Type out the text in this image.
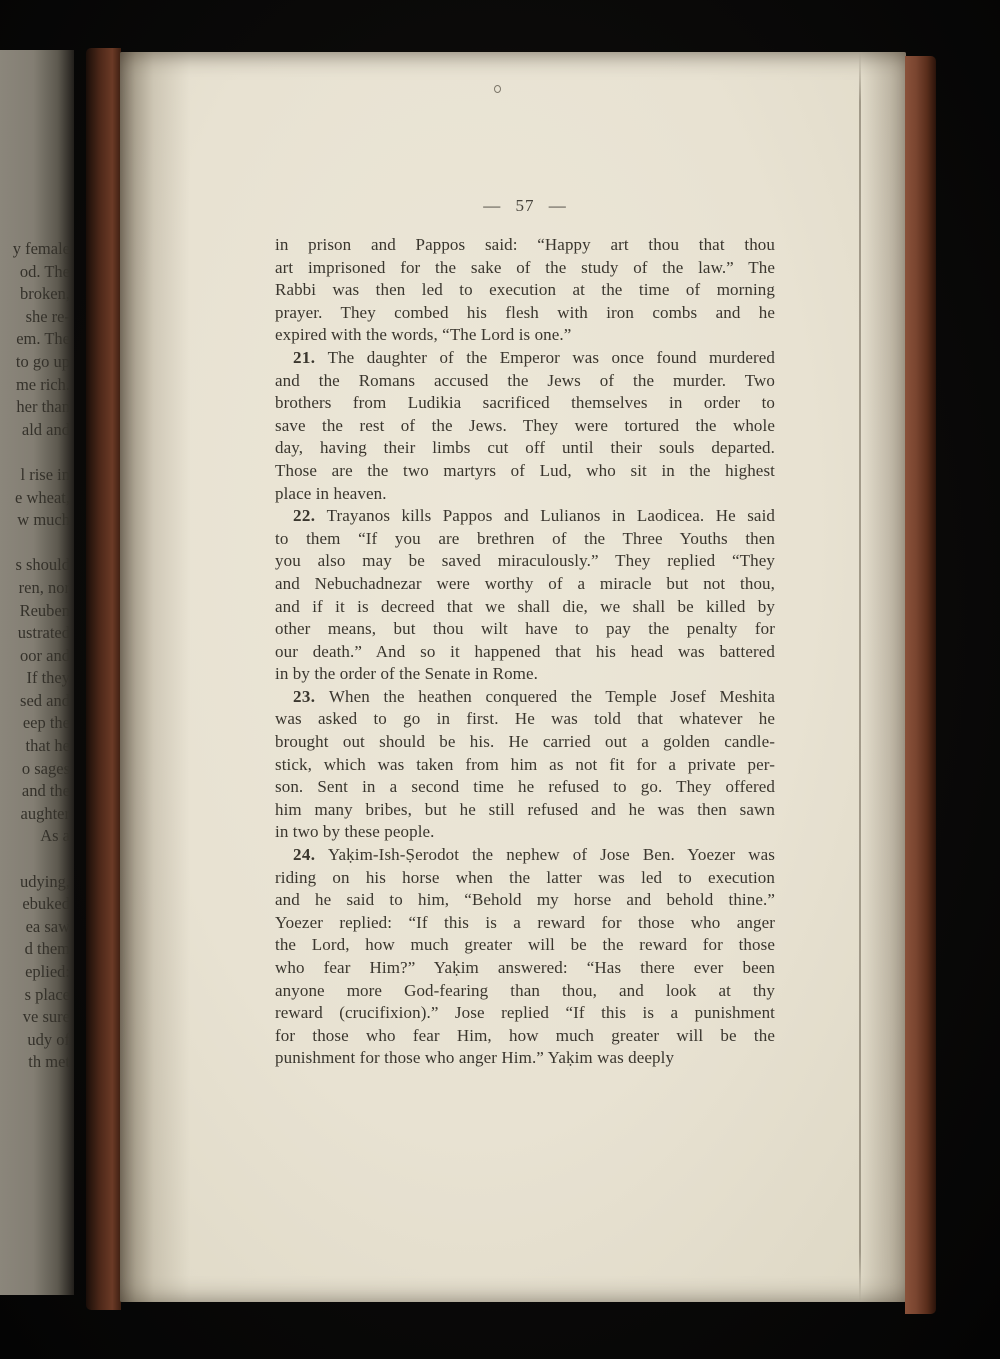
y female
od. The
broken,
she re-
em. The
to go up
me rich.
her than
ald and
l rise in
e wheat,
w much
s should
ren, nor
Reuben
ustrated
oor and
If they
sed and
eep the
that he
o sages
and the
aughter
As a
udying,
ebuked
ea saw
d them
eplied:
s place
ve sure
udy of
th met
— 57 —
in prison and Pappos said: “Happy art thou that thou
art imprisoned for the sake of the study of the law.” The
Rabbi was then led to execution at the time of morning
prayer. They combed his flesh with iron combs and he
expired with the words, “The Lord is one.”
21. The daughter of the Emperor was once found murdered
and the Romans accused the Jews of the murder. Two
brothers from Ludikia sacrificed themselves in order to
save the rest of the Jews. They were tortured the whole
day, having their limbs cut off until their souls departed.
Those are the two martyrs of Lud, who sit in the highest
place in heaven.
22. Trayanos kills Pappos and Lulianos in Laodicea. He said
to them “If you are brethren of the Three Youths then
you also may be saved miraculously.” They replied “They
and Nebuchadnezar were worthy of a miracle but not thou,
and if it is decreed that we shall die, we shall be killed by
other means, but thou wilt have to pay the penalty for
our death.” And so it happened that his head was battered
in by the order of the Senate in Rome.
23. When the heathen conquered the Temple Josef Meshita
was asked to go in first. He was told that whatever he
brought out should be his. He carried out a golden candle-
stick, which was taken from him as not fit for a private per-
son. Sent in a second time he refused to go. They offered
him many bribes, but he still refused and he was then sawn
in two by these people.
24. Yaḳim-Ish-Ṣerodot the nephew of Jose Ben. Yoezer was
riding on his horse when the latter was led to execution
and he said to him, “Behold my horse and behold thine.”
Yoezer replied: “If this is a reward for those who anger
the Lord, how much greater will be the reward for those
who fear Him?” Yaḳim answered: “Has there ever been
anyone more God-fearing than thou, and look at thy
reward (crucifixion).” Jose replied “If this is a punishment
for those who fear Him, how much greater will be the
punishment for those who anger Him.” Yaḳim was deeply
